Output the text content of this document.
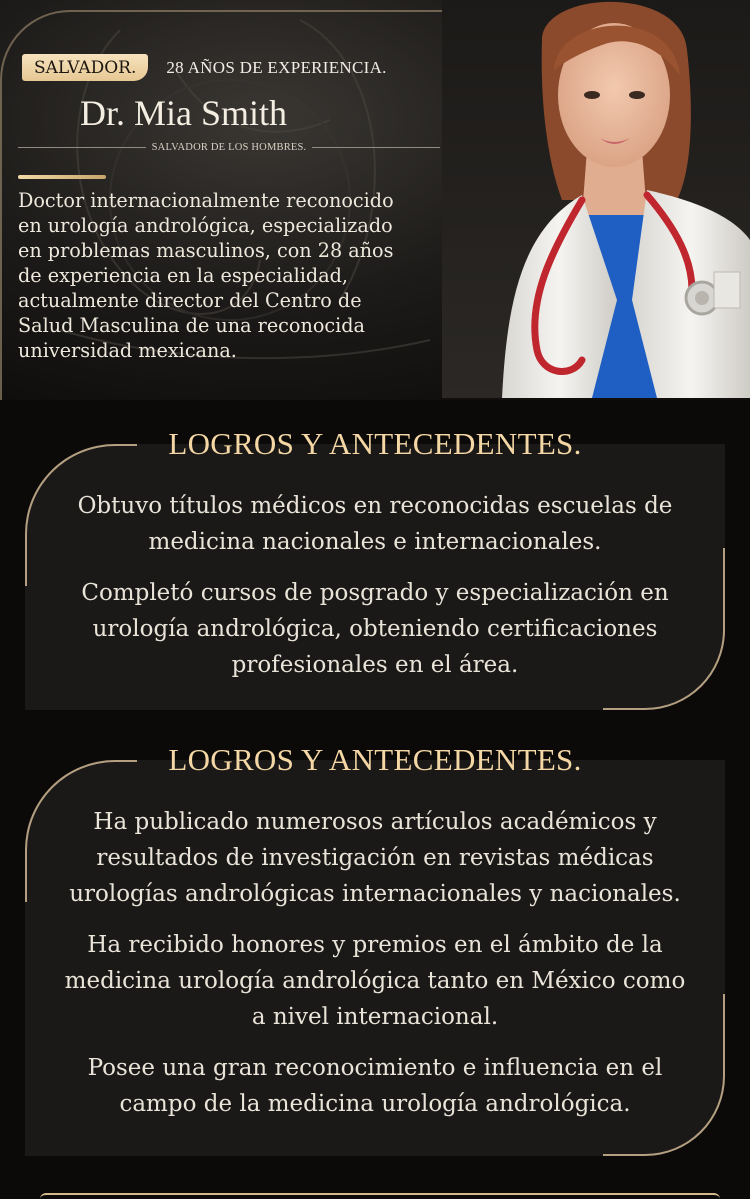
SALVADOR.	28 AÑOS DE EXPERIENCIA.
Dr. Mia Smith
SALVADOR DE LOS HOMBRES.
Doctor internacionalmente reconocido
en urología andrológica, especializado
en problemas masculinos, con 28 años
de experiencia en la especialidad,
actualmente director del Centro de
Salud Masculina de una reconocida
universidad mexicana.
LOGROS Y ANTECEDENTES.
Obtuvo títulos médicos en reconocidas escuelas de
medicina nacionales e internacionales.
Completó cursos de posgrado y especialización en
urología andrológica, obteniendo certificaciones
profesionales en el área.
LOGROS Y ANTECEDENTES.
Ha publicado numerosos artículos académicos y
resultados de investigación en revistas médicas
urologías andrológicas internacionales y nacionales.
Ha recibido honores y premios en el ámbito de la
medicina urología andrológica tanto en México como
a nivel internacional.
Posee una gran reconocimiento e influencia en el
campo de la medicina urología andrológica.
